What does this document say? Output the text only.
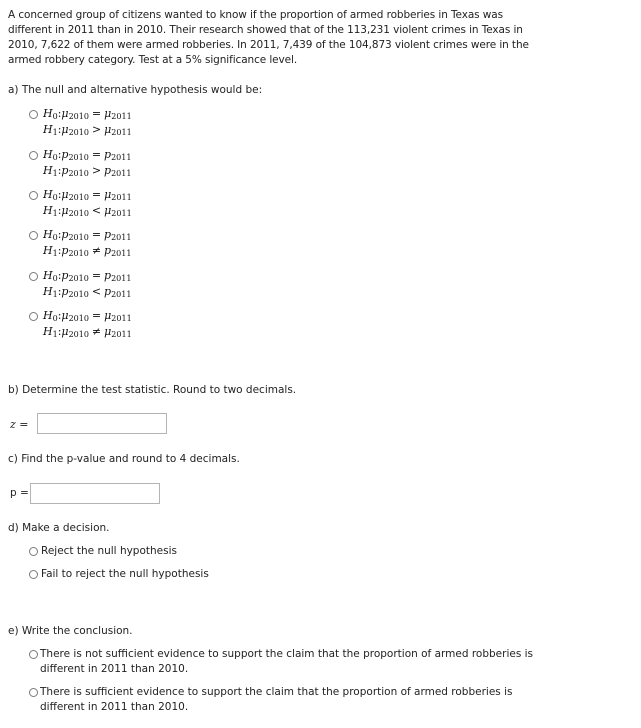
A concerned group of citizens wanted to know if the proportion of armed robberies in Texas was different in 2011 than in 2010. Their research showed that of the 113,231 violent crimes in Texas in 2010, 7,622 of them were armed robberies. In 2011, 7,439 of the 104,873 violent crimes were in the armed robbery category. Test at a 5% significance level.
a) The null and alternative hypothesis would be:
$H_0:\mu_{2010} = \mu_{2011}$
$H_1:\mu_{2010} > \mu_{2011}$
$H_0:p_{2010} = p_{2011}$
$H_1:p_{2010} > p_{2011}$
$H_0:\mu_{2010} = \mu_{2011}$
$H_1:\mu_{2010} < \mu_{2011}$
$H_0:p_{2010} = p_{2011}$
$H_1:p_{2010} \ne p_{2011}$
$H_0:p_{2010} = p_{2011}$
$H_1:p_{2010} < p_{2011}$
$H_0:\mu_{2010} = \mu_{2011}$
$H_1:\mu_{2010} \ne \mu_{2011}$
b) Determine the test statistic. Round to two decimals.
z =
c) Find the p-value and round to 4 decimals.
p =
d) Make a decision.
Reject the null hypothesis
Fail to reject the null hypothesis
e) Write the conclusion.
There is not sufficient evidence to support the claim that the proportion of armed robberies is different in 2011 than 2010.
There is sufficient evidence to support the claim that the proportion of armed robberies is different in 2011 than 2010.
